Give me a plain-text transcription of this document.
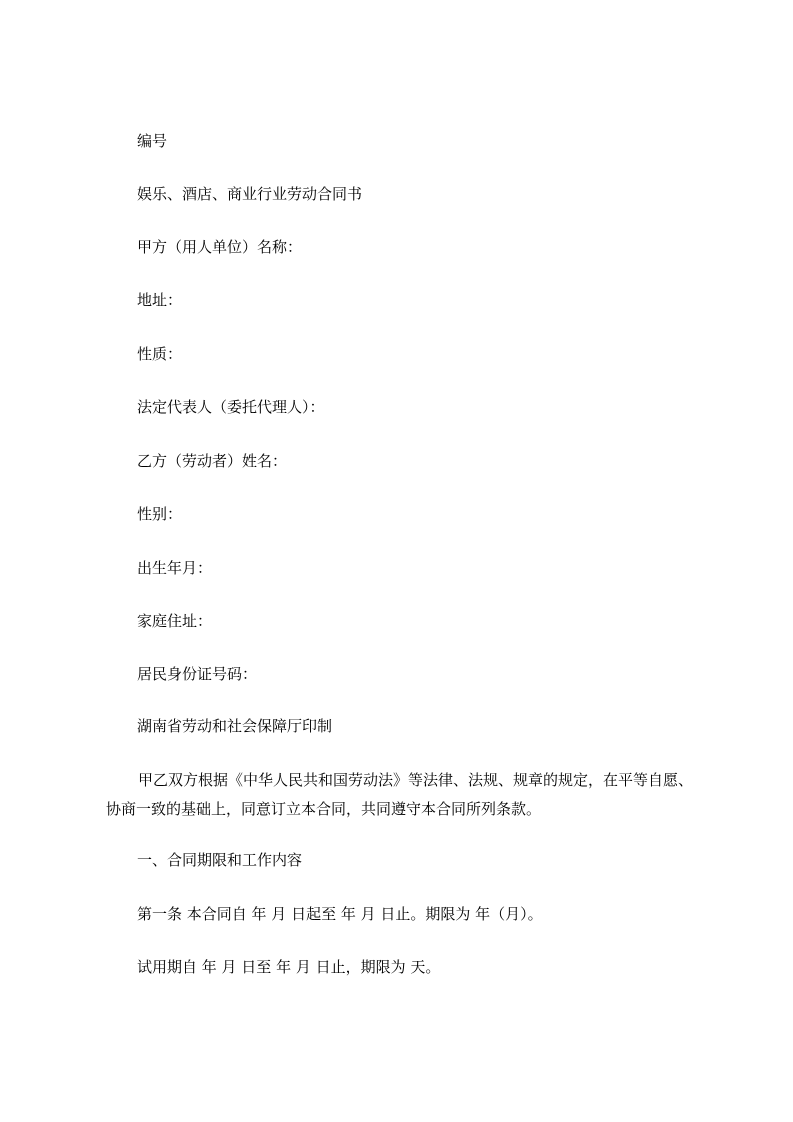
编号

娱乐、酒店、商业行业劳动合同书

甲方（用人单位）名称：

地址：

性质：

法定代表人（委托代理人）：

乙方（劳动者）姓名：

性别：

出生年月：

家庭住址：

居民身份证号码：

湖南省劳动和社会保障厅印制

甲乙双方根据《中华人民共和国劳动法》等法律、法规、规章的规定，在平等自愿、协商一致的基础上，同意订立本合同，共同遵守本合同所列条款。

一、合同期限和工作内容

第一条 本合同自 年 月 日起至 年 月 日止。期限为 年（月）。

试用期自 年 月 日至 年 月 日止，期限为 天。
